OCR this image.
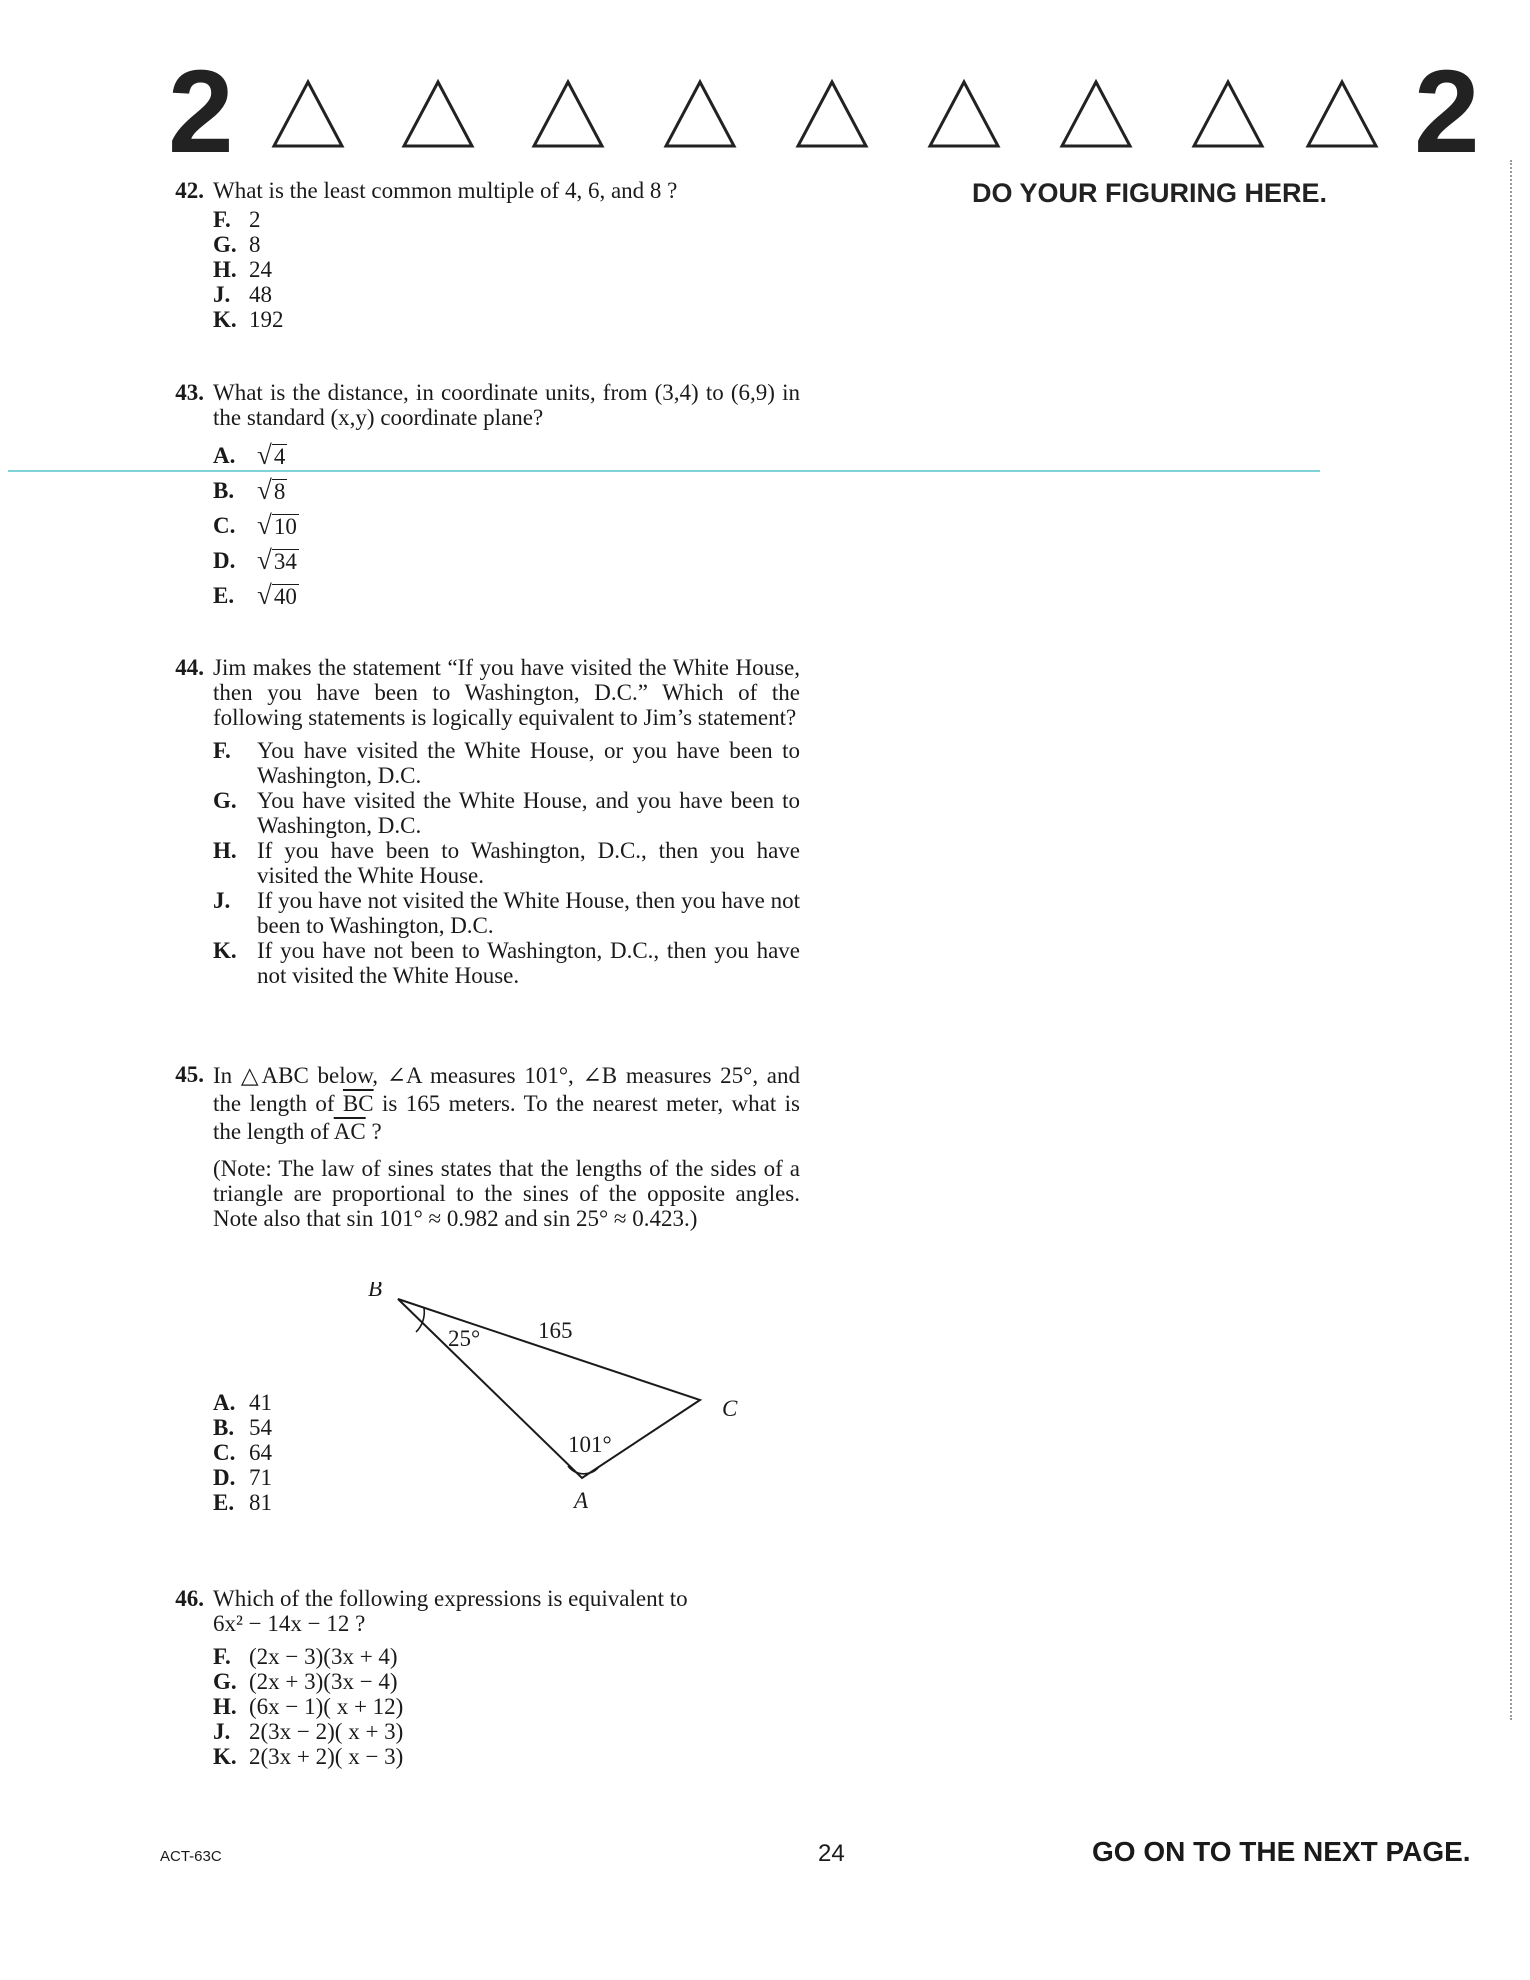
2	2
DO YOUR FIGURING HERE.
42. What is the least common multiple of 4, 6, and 8 ?
F. 2
G. 8
H. 24
J. 48
K. 192
43. What is the distance, in coordinate units, from (3,4) to (6,9) in the standard (x,y) coordinate plane?
A. √ 4
B. √ 8
C. √ 10
D. √ 34
E. √ 40
44. Jim makes the statement “If you have visited the White House, then you have been to Washington, D.C.” Which of the following statements is logically equivalent to Jim’s statement?
F.	You have visited the White House, or you have been to Washington, D.C.
G. You have visited the White House, and you have been to Washington, D.C.
H. If you have been to Washington, D.C., then you have visited the White House.
J.	If you have not visited the White House, then you have not been to Washington, D.C.
K. If you have not been to Washington, D.C., then you have not visited the White House.
45. In △ABC below, ∠A measures 101°, ∠B measures 25°, and the length of $\overline{BC}$ is 165 meters. To the nearest meter, what is the length of $\overline{AC}$ ?
(Note: The law of sines states that the lengths of the sides of a triangle are proportional to the sines of the opposite angles. Note also that sin 101° ≈ 0.982 and sin 25° ≈ 0.423.)
B
C
A
165
25°
101°
A. 41
B. 54
C. 64
D. 71
E. 81
46. Which of the following expressions is equivalent to

6x² − 14x − 12 ?

F. (2x − 3)(3x + 4)
G. (2x + 3)(3x − 4)
H. (6x − 1)( x + 12)
J. 2(3x − 2)( x + 3)
K. 2(3x + 2)( x − 3)
ACT-63C	24	GO ON TO THE NEXT PAGE.
